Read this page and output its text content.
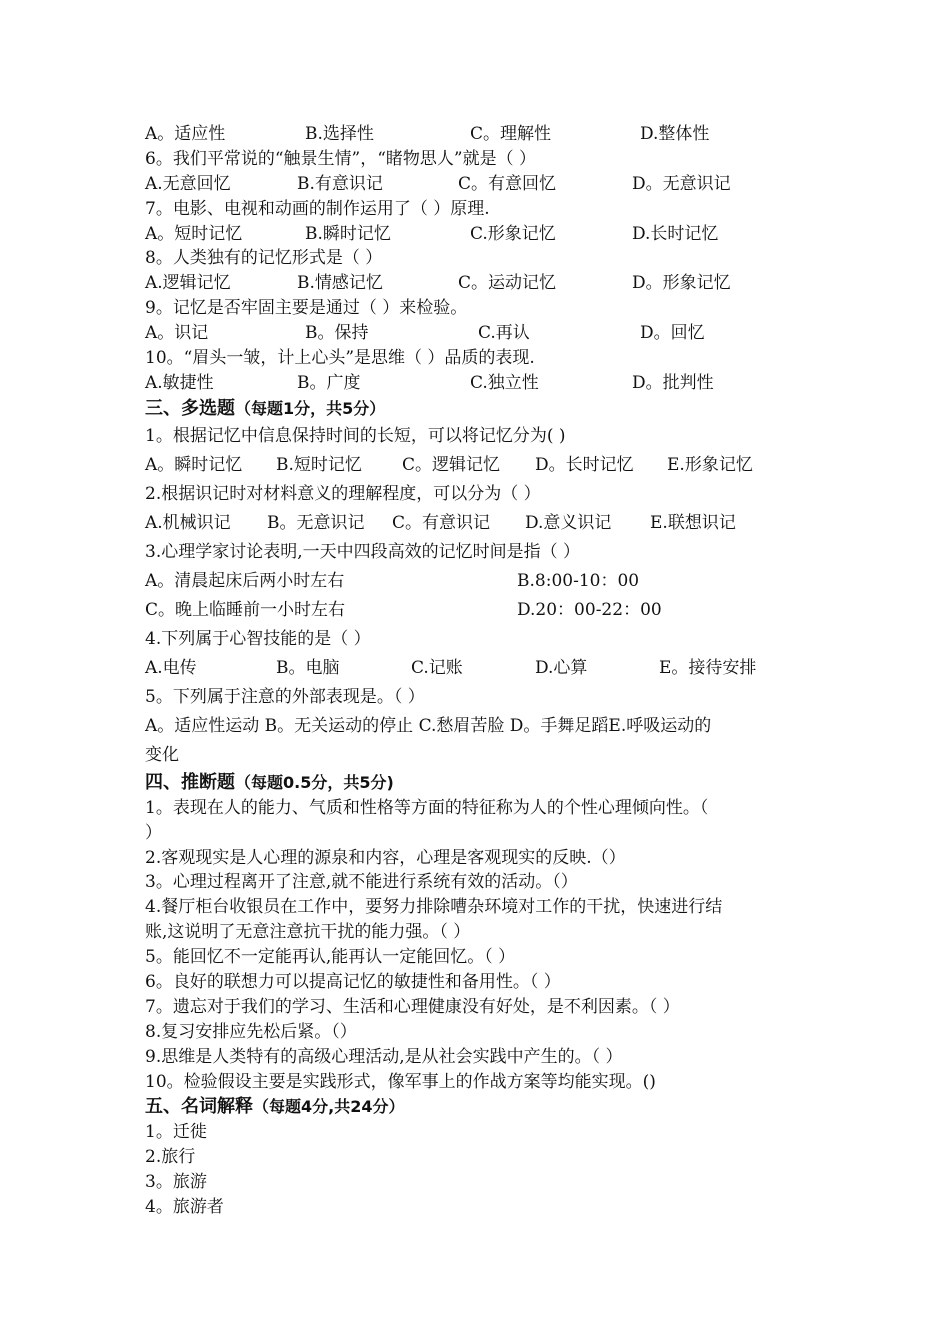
A。适应性	B.选择性	C。理解性	D.整体性
6。我们平常说的“触景生情”，“睹物思人”就是（ ）
A.无意回忆	B.有意识记	C。有意回忆	D。无意识记
7。电影、电视和动画的制作运用了（ ）原理.
A。短时记忆	B.瞬时记忆	C.形象记忆	D.长时记忆
8。人类独有的记忆形式是（ ）
A.逻辑记忆	B.情感记忆	C。运动记忆	D。形象记忆
9。记忆是否牢固主要是通过（ ）来检验。
A。识记	B。保持	C.再认	D。回忆
10。“眉头一皱，计上心头”是思维（ ）品质的表现.
A.敏捷性	B。广度	C.独立性	D。批判性
三、多选题（每题1分，共5分）
1。根据记忆中信息保持时间的长短，可以将记忆分为( )
A。瞬时记忆 B.短时记忆 C。逻辑记忆 D。长时记忆 E.形象记忆
2.根据识记时对材料意义的理解程度，可以分为（ ）
A.机械识记 B。无意识记 C。有意识记 D.意义识记 E.联想识记
3.心理学家讨论表明,一天中四段高效的记忆时间是指（ ）
A。清晨起床后两小时左右	B.8:00-10：00
C。晚上临睡前一小时左右	D.20：00-22：00
4.下列属于心智技能的是（ ）
A.电传	B。电脑	C.记账	D.心算	E。接待安排
5。下列属于注意的外部表现是。（ ）
A。适应性运动 B。无关运动的停止 C.愁眉苦脸 D。手舞足蹈E.呼吸运动的
变化
四、推断题（每题0.5分，共5分)
1。表现在人的能力、气质和性格等方面的特征称为人的个性心理倾向性。（
）
2.客观现实是人心理的源泉和内容，心理是客观现实的反映.（）
3。心理过程离开了注意,就不能进行系统有效的活动。（）
4.餐厅柜台收银员在工作中，要努力排除嘈杂环境对工作的干扰，快速进行结
账,这说明了无意注意抗干扰的能力强。（ ）
5。能回忆不一定能再认,能再认一定能回忆。（ ）
6。良好的联想力可以提高记忆的敏捷性和备用性。（ ）
7。遗忘对于我们的学习、生活和心理健康没有好处，是不利因素。（ ）
8.复习安排应先松后紧。（）
9.思维是人类特有的高级心理活动,是从社会实践中产生的。（ ）
10。检验假设主要是实践形式，像军事上的作战方案等均能实现。()
五、名词解释（每题4分,共24分）
1。迁徙
2.旅行
3。旅游
4。旅游者
